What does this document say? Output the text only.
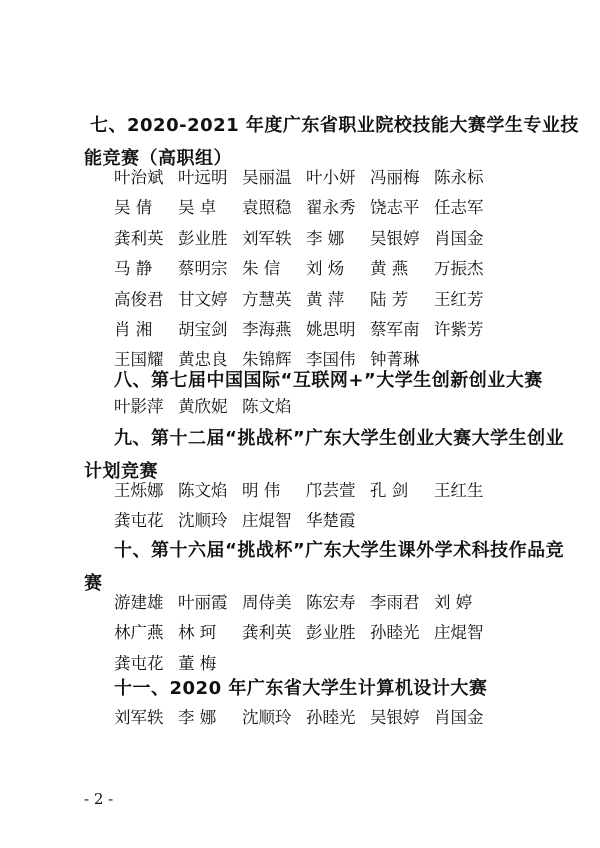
七、2020-2021 年度广东省职业院校技能大赛学生专业技
能竞赛（高职组）
叶治斌 叶远明 吴丽温 叶小妍 冯丽梅 陈永标
吴 倩	吴 卓	袁照稳 翟永秀 饶志平 任志军
龚利英 彭业胜 刘军轶 李 娜	吴银婷 肖国金
马 静	蔡明宗 朱 信	刘 炀	黄 燕	万振杰
高俊君 甘文婷 方慧英 黄 萍	陆 芳	王红芳
肖 湘	胡宝剑 李海燕 姚思明 蔡军南 许紫芳
王国耀 黄忠良 朱锦辉 李国伟 钟菁琳
八、第七届中国国际“互联网+”大学生创新创业大赛
叶影萍 黄欣妮 陈文焰
九、第十二届“挑战杯”广东大学生创业大赛大学生创业
计划竞赛
王烁娜 陈文焰 明 伟	邝芸萱 孔 剑	王红生
龚屯花 沈顺玲 庄焜智 华楚霞
十、第十六届“挑战杯”广东大学生课外学术科技作品竞
赛
游建雄 叶丽霞 周侍美 陈宏寿 李雨君 刘 婷
林广燕 林 珂	龚利英 彭业胜 孙睦光 庄焜智
龚屯花 董 梅
十一、2020 年广东省大学生计算机设计大赛
刘军轶 李 娜	沈顺玲 孙睦光 吴银婷 肖国金
- 2 -
